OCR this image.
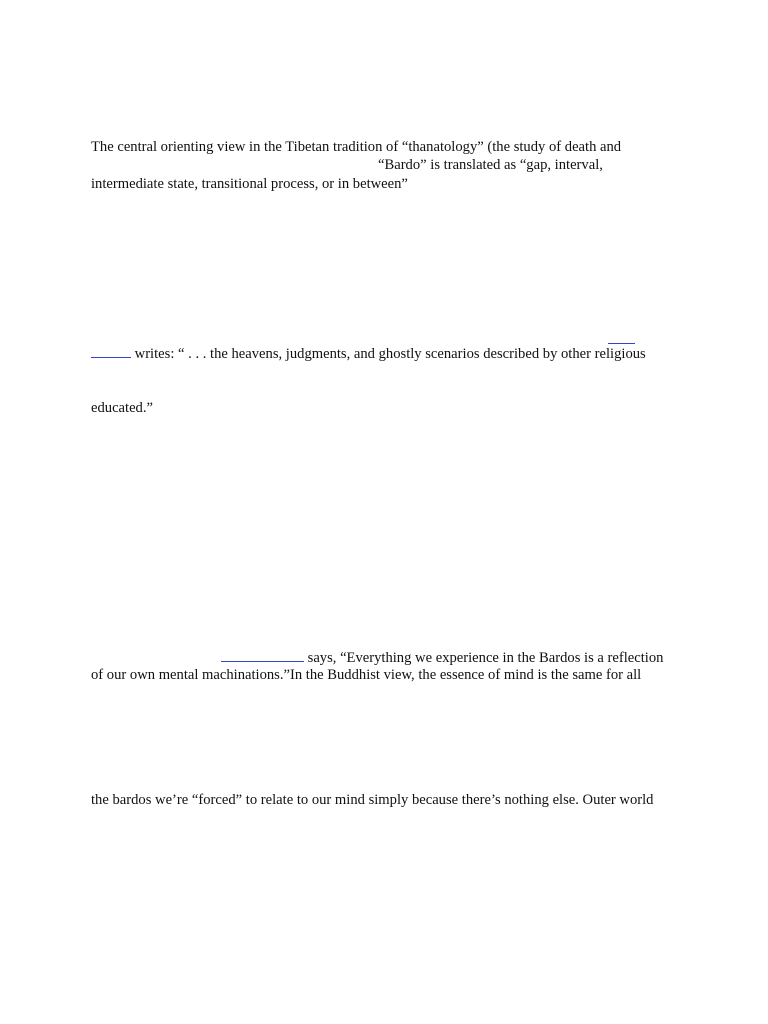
The central orienting view in the Tibetan tradition of “thanatology” (the study of death and
“Bardo” is translated as “gap, interval,
intermediate state, transitional process, or in between”
writes: “ . . . the heavens, judgments, and ghostly scenarios described by other religious
educated.”
says, “Everything we experience in the Bardos is a reflection
of our own mental machinations.”In the Buddhist view, the essence of mind is the same for all
the bardos we’re “forced” to relate to our mind simply because there’s nothing else. Outer world
